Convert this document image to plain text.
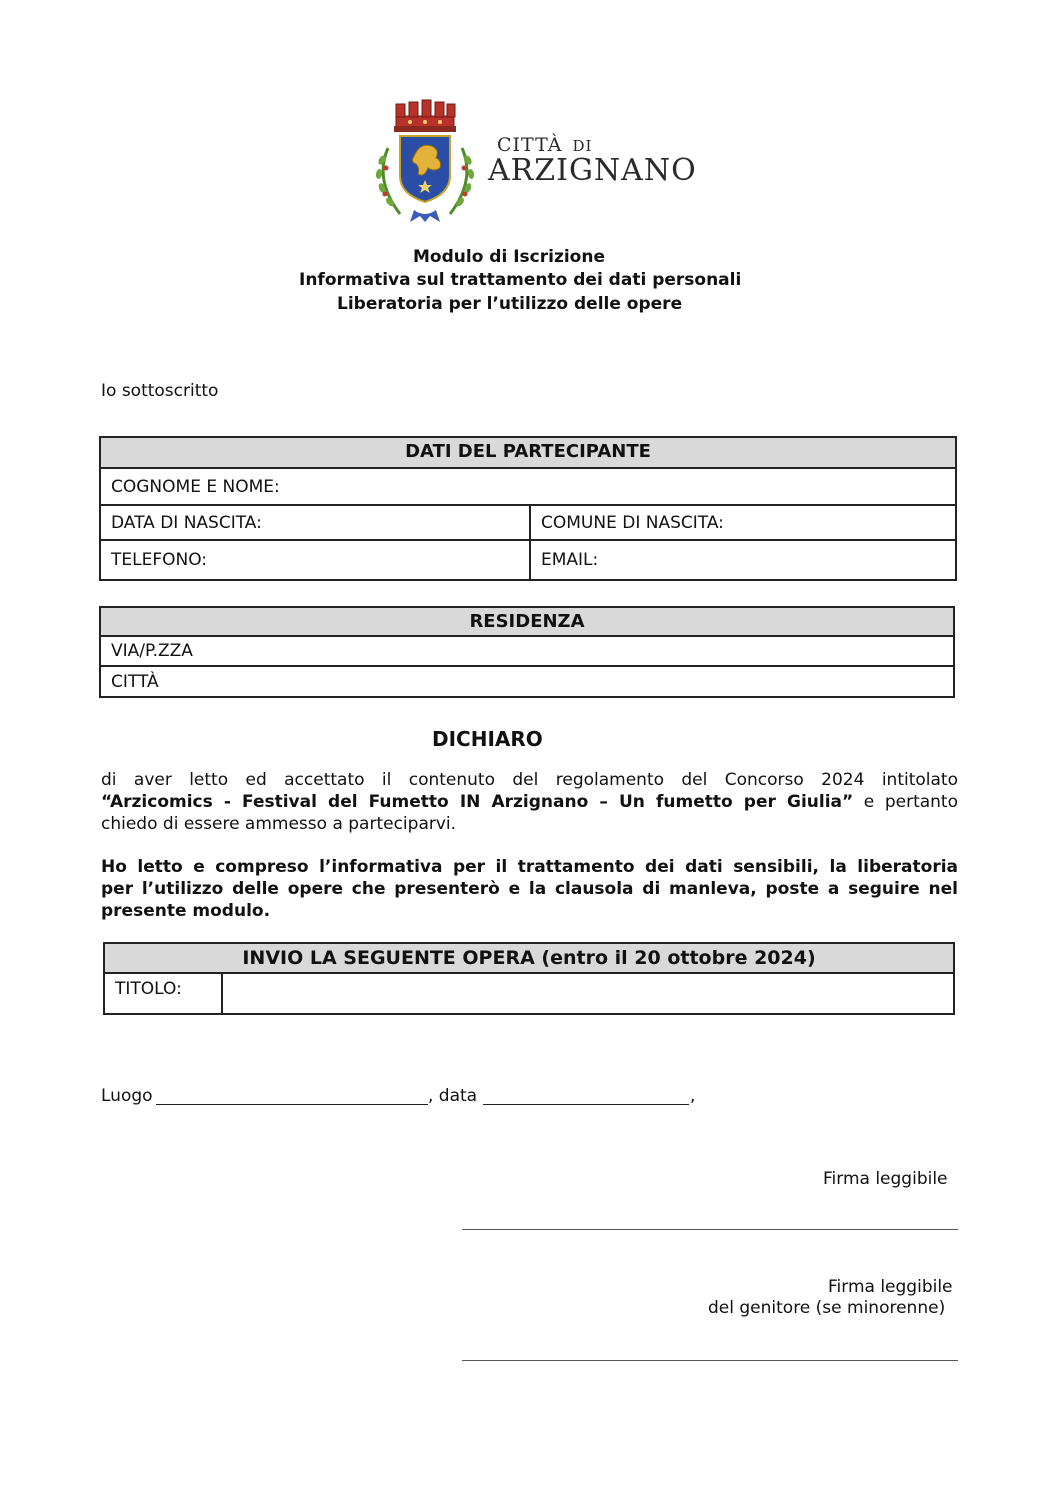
CITTÀ DI
ARZIGNANO
Modulo di Iscrizione
Informativa sul trattamento dei dati personali
Liberatoria per l’utilizzo delle opere
Io sottoscritto
DATI DEL PARTECIPANTE
COGNOME E NOME:
DATA DI NASCITA:	COMUNE DI NASCITA:
TELEFONO:	EMAIL:
RESIDENZA
VIA/P.ZZA
CITTÀ
DICHIARO
di aver letto ed accettato il contenuto del regolamento del Concorso 2024 intitolato
“Arzicomics - Festival del Fumetto IN Arzignano – Un fumetto per Giulia” e pertanto
chiedo di essere ammesso a parteciparvi.
Ho letto e compreso l’informativa per il trattamento dei dati sensibili, la liberatoria
per l’utilizzo delle opere che presenterò e la clausola di manleva, poste a seguire nel
presente modulo.
INVIO LA SEGUENTE OPERA (entro il 20 ottobre 2024)
TITOLO:
Luogo	, data	,
Firma leggibile
Firma leggibile
del genitore (se minorenne)
